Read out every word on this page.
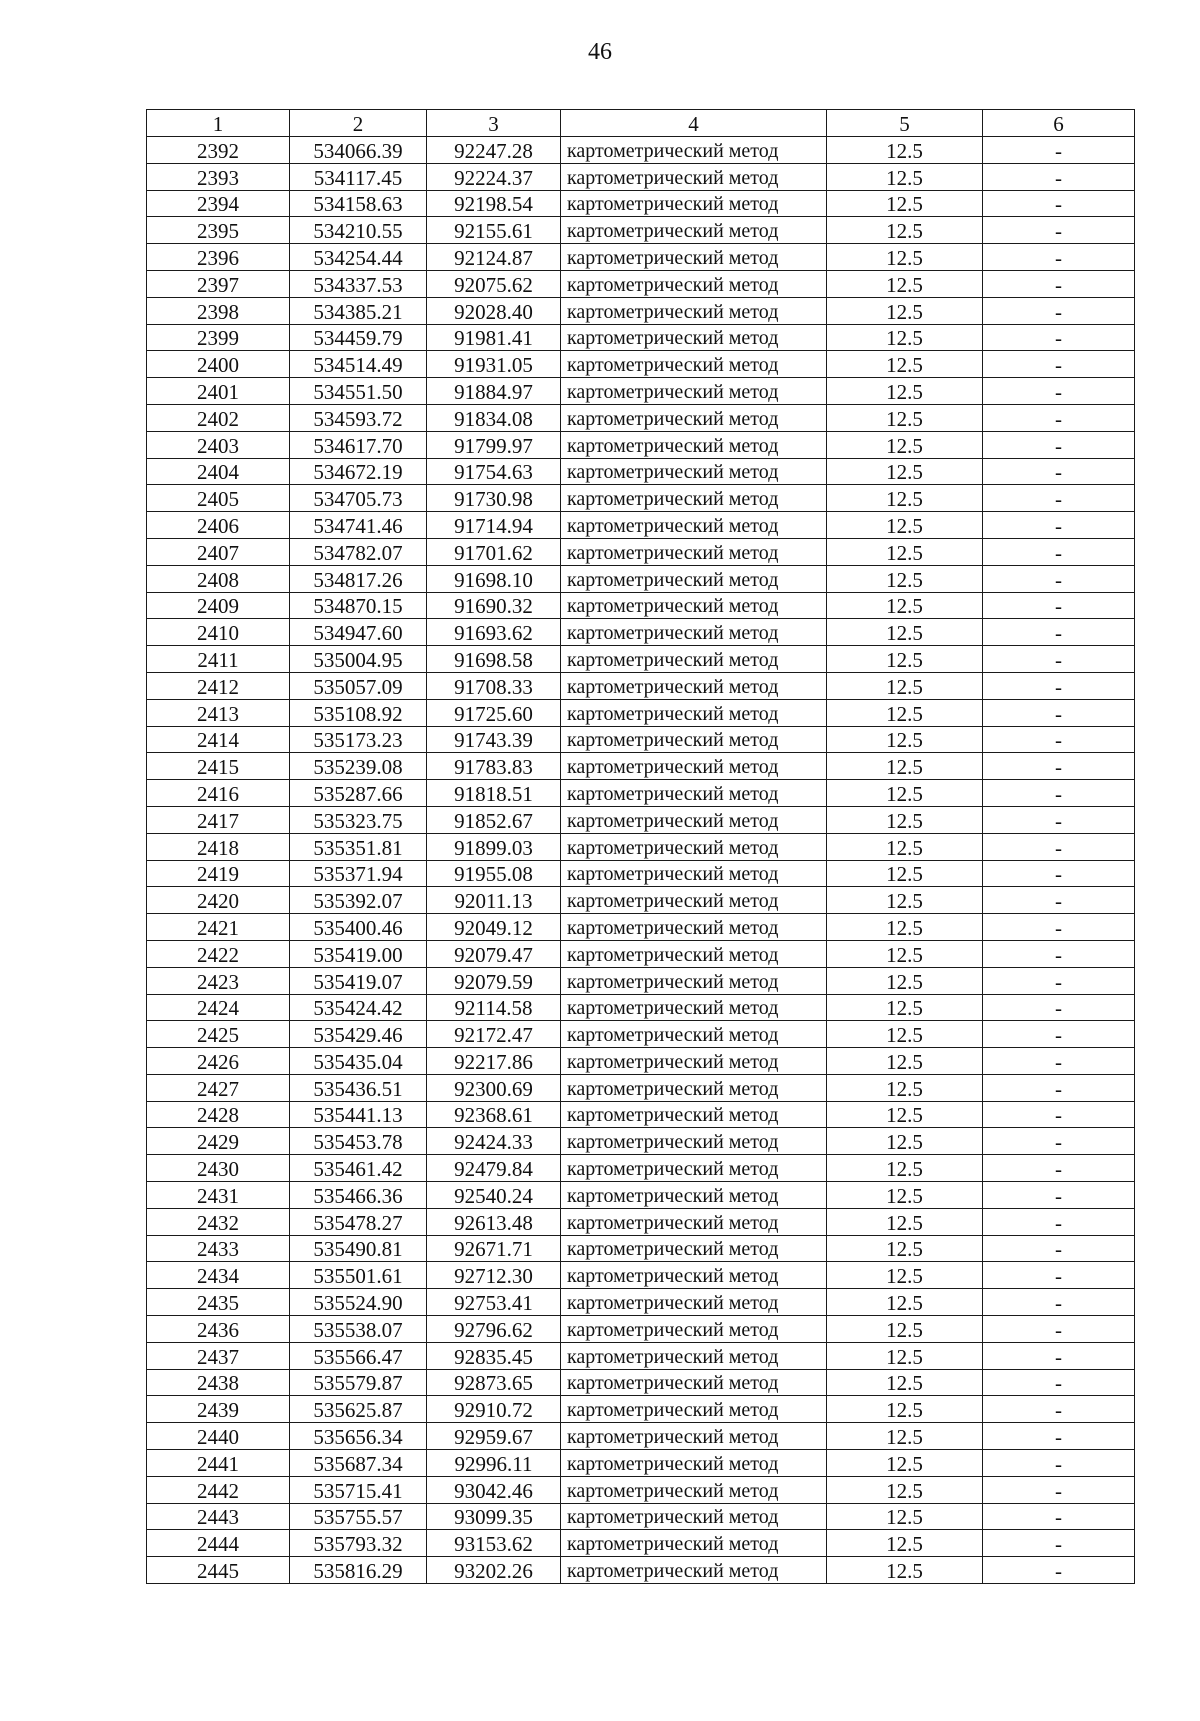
46
1	2	3	4	5	6
2392	534066.39	92247.28	картометрический метод	12.5	-
2393	534117.45	92224.37	картометрический метод	12.5	-
2394	534158.63	92198.54	картометрический метод	12.5	-
2395	534210.55	92155.61	картометрический метод	12.5	-
2396	534254.44	92124.87	картометрический метод	12.5	-
2397	534337.53	92075.62	картометрический метод	12.5	-
2398	534385.21	92028.40	картометрический метод	12.5	-
2399	534459.79	91981.41	картометрический метод	12.5	-
2400	534514.49	91931.05	картометрический метод	12.5	-
2401	534551.50	91884.97	картометрический метод	12.5	-
2402	534593.72	91834.08	картометрический метод	12.5	-
2403	534617.70	91799.97	картометрический метод	12.5	-
2404	534672.19	91754.63	картометрический метод	12.5	-
2405	534705.73	91730.98	картометрический метод	12.5	-
2406	534741.46	91714.94	картометрический метод	12.5	-
2407	534782.07	91701.62	картометрический метод	12.5	-
2408	534817.26	91698.10	картометрический метод	12.5	-
2409	534870.15	91690.32	картометрический метод	12.5	-
2410	534947.60	91693.62	картометрический метод	12.5	-
2411	535004.95	91698.58	картометрический метод	12.5	-
2412	535057.09	91708.33	картометрический метод	12.5	-
2413	535108.92	91725.60	картометрический метод	12.5	-
2414	535173.23	91743.39	картометрический метод	12.5	-
2415	535239.08	91783.83	картометрический метод	12.5	-
2416	535287.66	91818.51	картометрический метод	12.5	-
2417	535323.75	91852.67	картометрический метод	12.5	-
2418	535351.81	91899.03	картометрический метод	12.5	-
2419	535371.94	91955.08	картометрический метод	12.5	-
2420	535392.07	92011.13	картометрический метод	12.5	-
2421	535400.46	92049.12	картометрический метод	12.5	-
2422	535419.00	92079.47	картометрический метод	12.5	-
2423	535419.07	92079.59	картометрический метод	12.5	-
2424	535424.42	92114.58	картометрический метод	12.5	-
2425	535429.46	92172.47	картометрический метод	12.5	-
2426	535435.04	92217.86	картометрический метод	12.5	-
2427	535436.51	92300.69	картометрический метод	12.5	-
2428	535441.13	92368.61	картометрический метод	12.5	-
2429	535453.78	92424.33	картометрический метод	12.5	-
2430	535461.42	92479.84	картометрический метод	12.5	-
2431	535466.36	92540.24	картометрический метод	12.5	-
2432	535478.27	92613.48	картометрический метод	12.5	-
2433	535490.81	92671.71	картометрический метод	12.5	-
2434	535501.61	92712.30	картометрический метод	12.5	-
2435	535524.90	92753.41	картометрический метод	12.5	-
2436	535538.07	92796.62	картометрический метод	12.5	-
2437	535566.47	92835.45	картометрический метод	12.5	-
2438	535579.87	92873.65	картометрический метод	12.5	-
2439	535625.87	92910.72	картометрический метод	12.5	-
2440	535656.34	92959.67	картометрический метод	12.5	-
2441	535687.34	92996.11	картометрический метод	12.5	-
2442	535715.41	93042.46	картометрический метод	12.5	-
2443	535755.57	93099.35	картометрический метод	12.5	-
2444	535793.32	93153.62	картометрический метод	12.5	-
2445	535816.29	93202.26	картометрический метод	12.5	-
